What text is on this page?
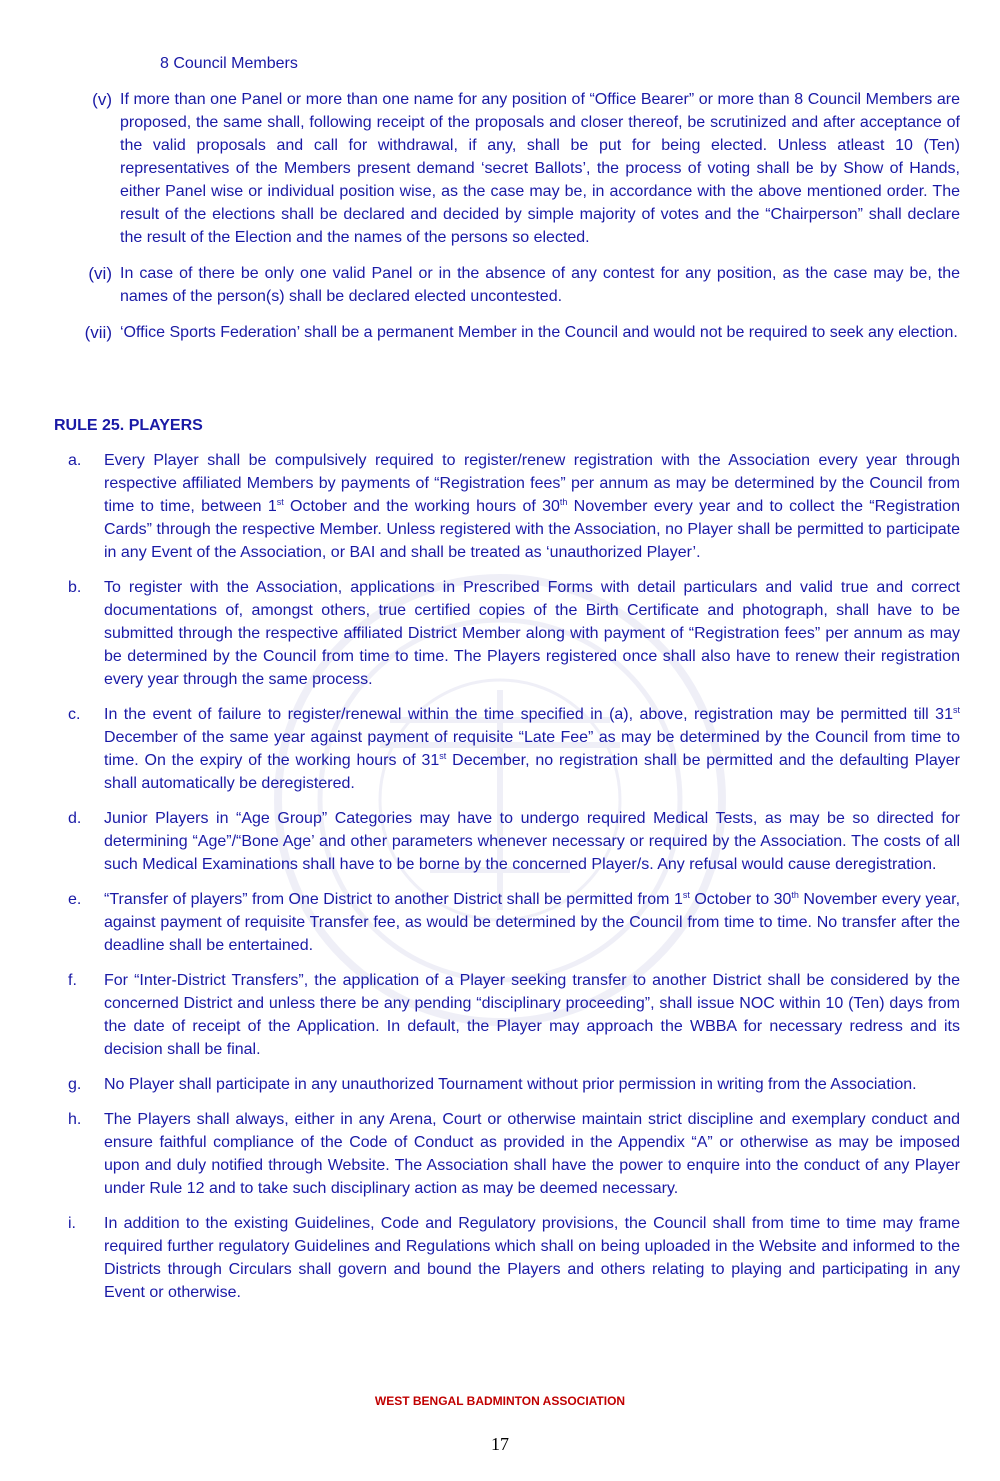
8 Council Members
(v) If more than one Panel or more than one name for any position of “Office Bearer” or more than 8 Council Members are proposed, the same shall, following receipt of the proposals and closer thereof, be scrutinized and after acceptance of the valid proposals and call for withdrawal, if any, shall be put for being elected. Unless atleast 10 (Ten) representatives of the Members present demand ‘secret Ballots’, the process of voting shall be by Show of Hands, either Panel wise or individual position wise, as the case may be, in accordance with the above mentioned order. The result of the elections shall be declared and decided by simple majority of votes and the “Chairperson” shall declare the result of the Election and the names of the persons so elected.
(vi) In case of there be only one valid Panel or in the absence of any contest for any position, as the case may be, the names of the person(s) shall be declared elected uncontested.
(vii) ‘Office Sports Federation’ shall be a permanent Member in the Council and would not be required to seek any election.
RULE 25. PLAYERS
a. Every Player shall be compulsively required to register/renew registration with the Association every year through respective affiliated Members by payments of “Registration fees” per annum as may be determined by the Council from time to time, between 1st October and the working hours of 30th November every year and to collect the “Registration Cards” through the respective Member. Unless registered with the Association, no Player shall be permitted to participate in any Event of the Association, or BAI and shall be treated as ‘unauthorized Player’.
b. To register with the Association, applications in Prescribed Forms with detail particulars and valid true and correct documentations of, amongst others, true certified copies of the Birth Certificate and photograph, shall have to be submitted through the respective affiliated District Member along with payment of “Registration fees” per annum as may be determined by the Council from time to time. The Players registered once shall also have to renew their registration every year through the same process.
c. In the event of failure to register/renewal within the time specified in (a), above, registration may be permitted till 31st December of the same year against payment of requisite “Late Fee” as may be determined by the Council from time to time. On the expiry of the working hours of 31st December, no registration shall be permitted and the defaulting Player shall automatically be deregistered.
d. Junior Players in “Age Group” Categories may have to undergo required Medical Tests, as may be so directed for determining “Age”/“Bone Age’ and other parameters whenever necessary or required by the Association. The costs of all such Medical Examinations shall have to be borne by the concerned Player/s. Any refusal would cause deregistration.
e. “Transfer of players” from One District to another District shall be permitted from 1st October to 30th November every year, against payment of requisite Transfer fee, as would be determined by the Council from time to time. No transfer after the deadline shall be entertained.
f. For “Inter-District Transfers”, the application of a Player seeking transfer to another District shall be considered by the concerned District and unless there be any pending “disciplinary proceeding”, shall issue NOC within 10 (Ten) days from the date of receipt of the Application. In default, the Player may approach the WBBA for necessary redress and its decision shall be final.
g. No Player shall participate in any unauthorized Tournament without prior permission in writing from the Association.
h. The Players shall always, either in any Arena, Court or otherwise maintain strict discipline and exemplary conduct and ensure faithful compliance of the Code of Conduct as provided in the Appendix “A” or otherwise as may be imposed upon and duly notified through Website. The Association shall have the power to enquire into the conduct of any Player under Rule 12 and to take such disciplinary action as may be deemed necessary.
i. In addition to the existing Guidelines, Code and Regulatory provisions, the Council shall from time to time may frame required further regulatory Guidelines and Regulations which shall on being uploaded in the Website and informed to the Districts through Circulars shall govern and bound the Players and others relating to playing and participating in any Event or otherwise.
WEST BENGAL BADMINTON ASSOCIATION
17
